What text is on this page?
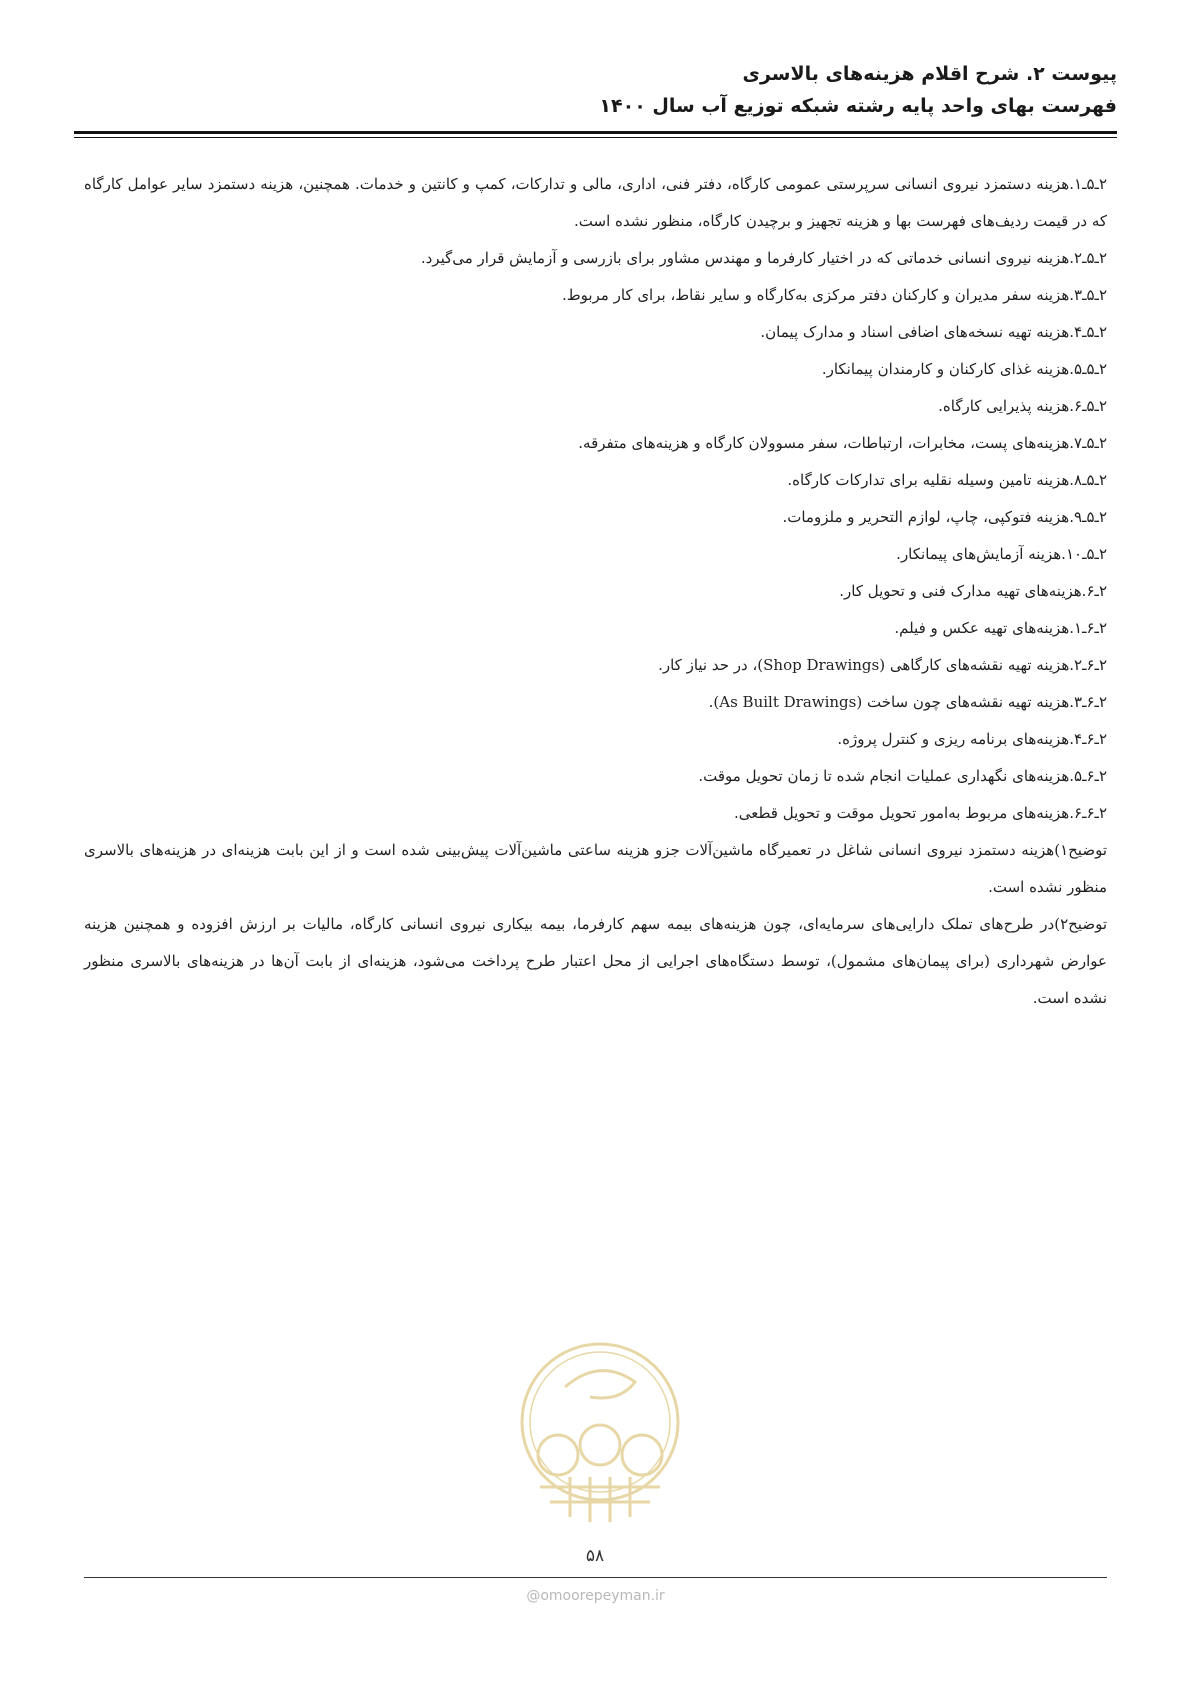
پیوست ۲. شرح اقلام هزینه‌های بالاسری
فهرست بهای واحد پایه رشته شبکه توزیع آب سال ۱۴۰۰

۲ـ۵ـ۱.هزینه دستمزد نیروی انسانی سرپرستی عمومی کارگاه، دفتر فنی، اداری، مالی و تدارکات، کمپ و کانتین و خدمات. همچنین، هزینه دستمزد سایر عوامل کارگاه که در قیمت ردیف‌های فهرست بها و هزینه تجهیز و برچیدن کارگاه، منظور نشده است.

۲ـ۵ـ۲.هزینه نیروی انسانی خدماتی که در اختیار کارفرما و مهندس مشاور برای بازرسی و آزمایش قرار می‌گیرد.

۲ـ۵ـ۳.هزینه سفر مدیران و کارکنان دفتر مرکزی به‌کارگاه و سایر نقاط، برای کار مربوط.

۲ـ۵ـ۴.هزینه تهیه نسخه‌های اضافی اسناد و مدارک پیمان.

۲ـ۵ـ۵.هزینه غذای کارکنان و کارمندان پیمانکار.

۲ـ۵ـ۶.هزینه پذیرایی کارگاه.

۲ـ۵ـ۷.هزینه‌های پست، مخابرات، ارتباطات، سفر مسوولان کارگاه و هزینه‌های متفرقه.

۲ـ۵ـ۸.هزینه تامین وسیله نقلیه برای تدارکات کارگاه.

۲ـ۵ـ۹.هزینه فتوکپی، چاپ، لوازم التحریر و ملزومات.

۲ـ۵ـ۱۰.هزینه آزمایش‌های پیمانکار.

۲ـ۶.هزینه‌های تهیه مدارک فنی و تحویل کار.

۲ـ۶ـ۱.هزینه‌های تهیه عکس و فیلم.

۲ـ۶ـ۲.هزینه تهیه نقشه‌های کارگاهی (Shop Drawings)، در حد نیاز کار.

۲ـ۶ـ۳.هزینه تهیه نقشه‌های چون ساخت (As Built Drawings).

۲ـ۶ـ۴.هزینه‌های برنامه ریزی و کنترل پروژه.

۲ـ۶ـ۵.هزینه‌های نگهداری عملیات انجام شده تا زمان تحویل موقت.

۲ـ۶ـ۶.هزینه‌های مربوط به‌امور تحویل موقت و تحویل قطعی.

توضیح۱)هزینه دستمزد نیروی انسانی شاغل در تعمیرگاه ماشین‌آلات جزو هزینه ساعتی ماشین‌آلات پیش‌بینی شده است و از این بابت هزینه‌ای در هزینه‌های بالاسری منظور نشده است.

توضیح۲)در طرح‌های تملک دارایی‌های سرمایه‌ای، چون هزینه‌های بیمه سهم کارفرما، بیمه بیکاری نیروی انسانی کارگاه، مالیات بر ارزش افزوده و همچنین هزینه عوارض شهرداری (برای پیمان‌های مشمول)، توسط دستگاه‌های اجرایی از محل اعتبار طرح پرداخت می‌شود، هزینه‌ای از بابت آن‌ها در هزینه‌های بالاسری منظور نشده است.

۵۸
@omoorepeyman.ir
